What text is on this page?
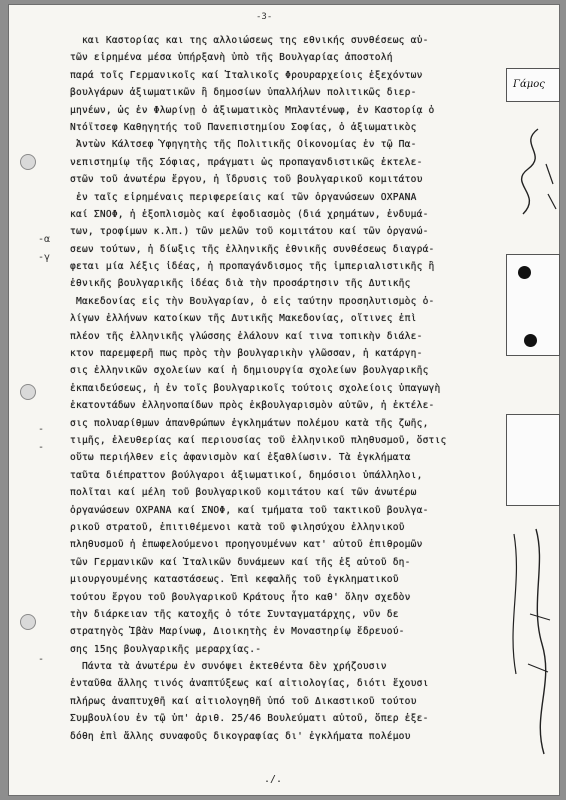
-α
-γ
-
-
-
-3-
και Καστορίας και της αλλοιώσεως της εθνικής συνθέσεως αὐ-
τῶν εἰρημένα μέσα ὑπήρξανὴ ὑπὸ τῆς Βουλγαρίας ἀποστολή
παρά τοῖς Γερμανικοῖς καί Ἰταλικοῖς Φρουραρχείοις ἐξεχόντων
βουλγάρων ἀξιωματικῶν ἢ δημοσίων ὑπαλλήλων πολιτικῶς διερ-
μηνέων, ὡς ἐν Φλωρίνῃ ὁ ἀξιωματικὸς Μπλαντένωφ, ἐν Καστορίᾳ ὁ
Ντόϊτσεφ Καθηγητής τοῦ Πανεπιστημίου Σοφίας, ὁ ἀξιωματικὸς
Ἀντὼν Κάλτσεφ Ὑφηγητὴς τῆς Πολιτικῆς Οἰκονομίας ἐν τῷ Πα-
νεπιστημίῳ τῆς Σόφιας, πράγματι ὡς προπαγανδιστικῶς ἐκτελε-
στῶν τοῦ ἀνωτέρω ἔργου, ἡ ἵδρυσις τοῦ βουλγαρικοῦ κομιτάτου
ἐν ταῖς εἰρημέναις περιφερείαις καί τῶν ὀργανώσεων ΟΧΡΑΝΑ
καί ΣΝΟΦ, ἡ ἐξοπλισμὸς καί ἐφοδιασμὸς (διά χρημάτων, ἐνδυμά-
των, τροφίμων κ.λπ.) τῶν μελῶν τοῦ κομιτάτου καί τῶν ὀργανώ-
σεων τούτων, ἡ δίωξις τῆς ἑλληνικῆς ἐθνικῆς συνθέσεως διαγρά-
φεται μία λέξις ἰδέας, ἡ προπαγάνδισμος τῆς ἰμπεριαλιστικῆς ἢ
ἐθνικῆς βουλγαρικῆς ἰδέας διὰ τὴν προσάρτησιν τῆς Δυτικῆς
Μακεδονίας εἰς τὴν Βουλγαρίαν, ὁ εἰς ταύτην προσηλυτισμὸς ὀ-
λίγων ἑλλήνων κατοίκων τῆς Δυτικῆς Μακεδονίας, οἵτινες ἐπὶ
πλέον τῆς ἑλληνικῆς γλώσσης ἐλάλουν καί τινα τοπικὴν διάλε-
κτον παρεμφερῆ πως πρὸς τὴν βουλγαρικὴν γλῶσσαν, ἡ κατάργη-
σις ἑλληνικῶν σχολείων καί ἡ δημιουργία σχολείων βουλγαρικῆς
ἐκπαιδεύσεως, ἡ ἐν τοῖς βουλγαρικοῖς τούτοις σχολείοις ὑπαγωγὴ
ἑκατοντάδων ἑλληνοπαίδων πρὸς ἐκβουλγαρισμὸν αὐτῶν, ἡ ἐκτέλε-
σις πολυαρίθμων ἀπανθρώπων ἐγκλημάτων πολέμου κατὰ τῆς ζωῆς,
τιμῆς, ἐλευθερίας καί περιουσίας τοῦ ἑλληνικοῦ πληθυσμοῦ, ὅστις
οὕτω περιήλθεν εἰς ἀφανισμὸν καί ἐξαθλίωσιν. Τὰ ἐγκλήματα
ταῦτα διέπραττον βούλγαροι ἀξιωματικοί, δημόσιοι ὑπάλληλοι,
πολῖται καί μέλη τοῦ βουλγαρικοῦ κομιτάτου καί τῶν ἀνωτέρω
ὀργανώσεων ΟΧΡΑΝΑ καί ΣΝΟΦ, καί τμήματα τοῦ τακτικοῦ βουλγα-
ρικοῦ στρατοῦ, ἐπιτιθέμενοι κατὰ τοῦ φιλησύχου ἑλληνικοῦ
πληθυσμοῦ ἡ ἐπωφελούμενοι προηγουμένων κατ' αὐτοῦ ἐπιθρομῶν
τῶν Γερμανικῶν καί Ἰταλικῶν δυνάμεων καί τῆς ἐξ αὐτοῦ δη-
μιουργουμένης καταστάσεως. Ἐπὶ κεφαλῆς τοῦ ἐγκληματικοῦ
τούτου ἔργου τοῦ βουλγαρικοῦ Κράτους ἦτο καθ' ὅλην σχεδὸν
τὴν διάρκειαν τῆς κατοχῆς ὁ τότε Συνταγματάρχης, νῦν δε
στρατηγὸς Ἰβὰν Μαρίνωφ, Διοικητὴς ἐν Μοναστηρίῳ ἕδρευού-
σης 15ης βουλγαρικῆς μεραρχίας.-
Πάντα τὰ ἀνωτέρω ἐν συνόψει ἐκτεθέντα δὲν χρήζουσιν
ἐνταῦθα ἄλλης τινός ἀναπτύξεως καί αἰτιολογίας, διότι ἔχουσι
πλήρως ἀναπτυχθῆ καί αἰτιολογηθῆ ὑπό τοῦ Δικαστικοῦ τούτου
Συμβουλίου ἐν τῷ ὑπ' ἀριθ. 25/46 Βουλεύματι αὐτοῦ, ὅπερ ἐξε-
δόθη ἐπὶ ἄλλης συναφοῦς δικογραφίας δι' ἐγκλήματα πολέμου
./.
Γάμος
